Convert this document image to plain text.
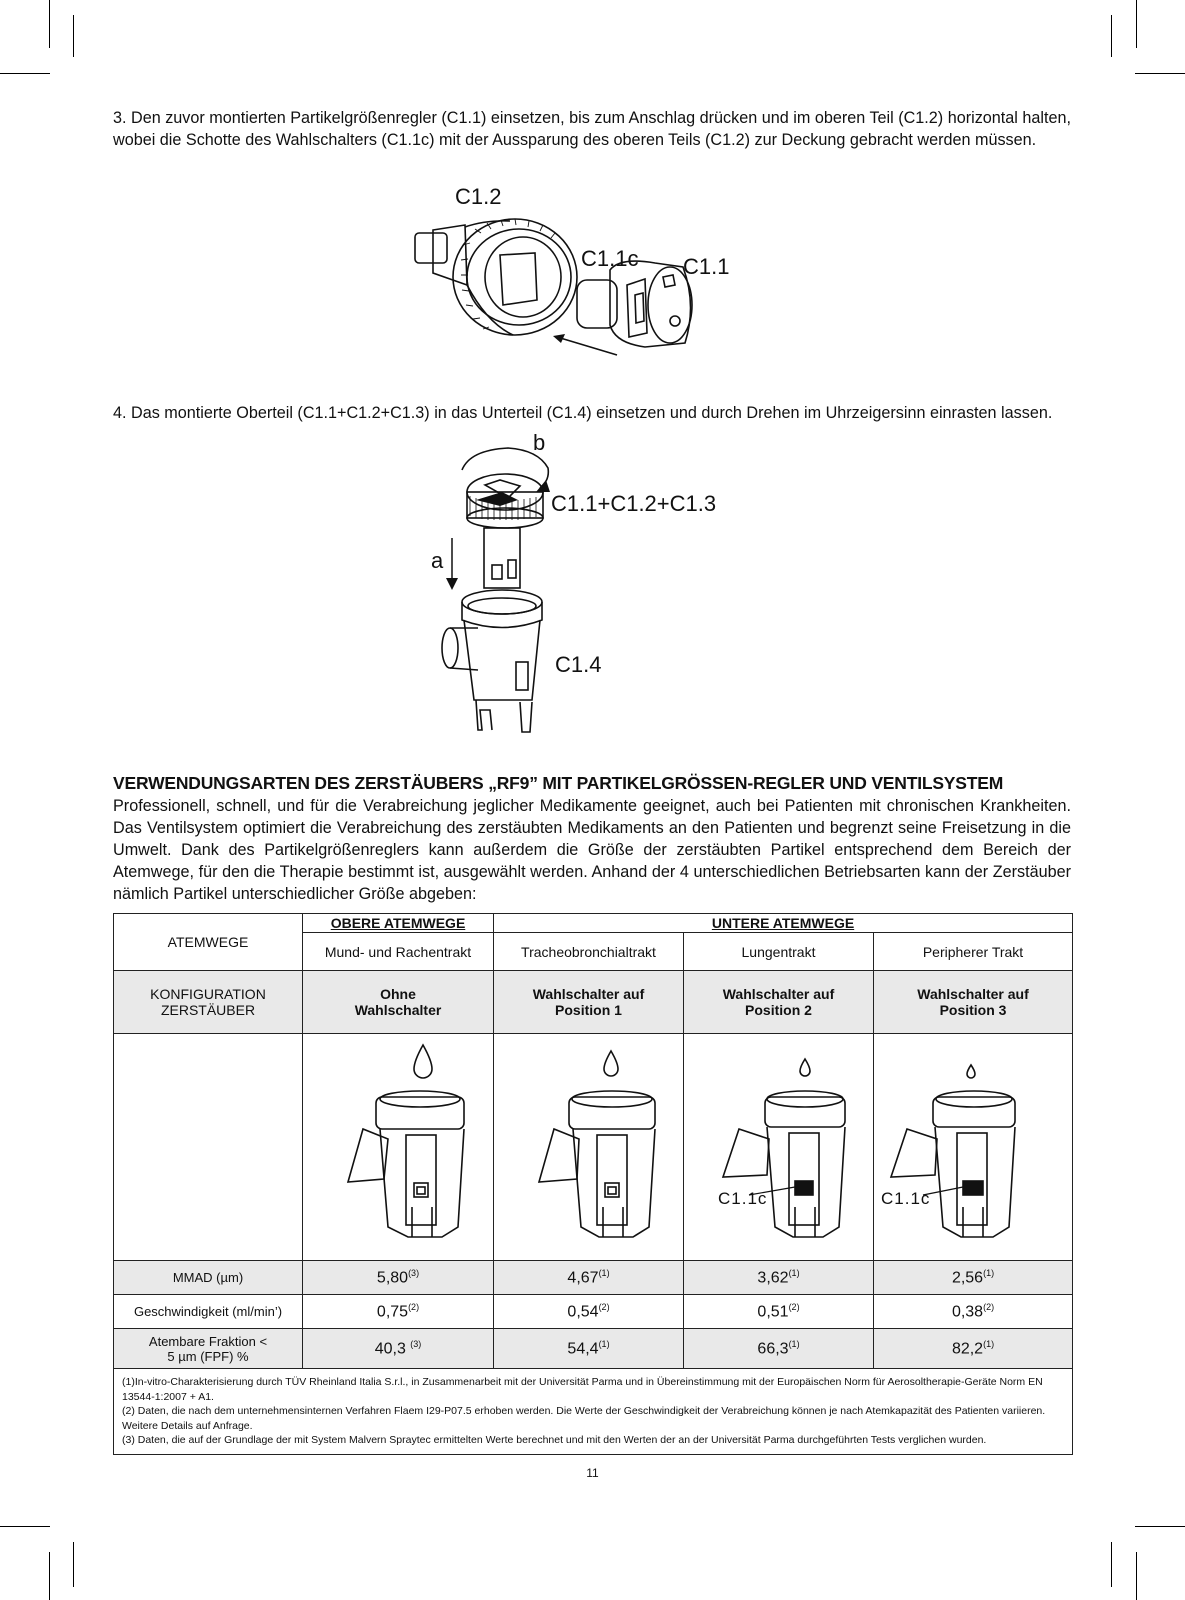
3. Den zuvor montierten Partikelgrößenregler (C1.1) einsetzen, bis zum Anschlag drücken und im oberen Teil (C1.2) horizontal halten, wobei die Schotte des Wahlschalters (C1.1c) mit der Aussparung des oberen Teils (C1.2) zur Deckung gebracht werden müssen.
C1.2
C1.1c C1.1
4. Das montierte Oberteil (C1.1+C1.2+C1.3) in das Unterteil (C1.4) einsetzen und durch Drehen im Uhrzeigersinn einrasten lassen.
b
C1.1+C1.2+C1.3
a
C1.4
VERWENDUNGSARTEN DES ZERSTÄUBERS „RF9” MIT PARTIKELGRÖSSEN-REGLER UND VENTILSYSTEM
Professionell, schnell, und für die Verabreichung jeglicher Medikamente geeignet, auch bei Patienten mit chronischen Krankheiten. Das Ventilsystem optimiert die Verabreichung des zerstäubten Medikaments an den Patienten und begrenzt seine Freisetzung in die Umwelt. Dank des Partikelgrößenreglers kann außerdem die Größe der zerstäubten Partikel entsprechend dem Bereich der Atemwege, für den die Therapie bestimmt ist, ausgewählt werden. Anhand der 4 unterschiedlichen Betriebsarten kann der Zerstäuber nämlich Partikel unterschiedlicher Größe abgeben:
ATEMWEGE	OBERE ATEMWEGE	UNTERE ATEMWEGE		
	Mund- und Rachentrakt	Tracheobronchialtrakt	Lungentrakt	Peripherer Trakt
KONFIGURATION ZERSTÄUBER	Ohne Wahlschalter	Wahlschalter auf Position 1	Wahlschalter auf Position 2	Wahlschalter auf Position 3

C1.1c	C1.1c

MMAD (µm)	5,80$^{(3)}$	4,67$^{(1)}$	3,62$^{(1)}$	2,56$^{(1)}$
Geschwindigkeit (ml/min’)	0,75$^{(2)}$	0,54$^{(2)}$	0,51$^{(2)}$	0,38$^{(2)}$
Atembare Fraktion < 5 µm (FPF) %	40,3 $^{(3)}$	54,4$^{(1)}$	66,3$^{(1)}$	82,2$^{(1)}$

(1)In-vitro-Charakterisierung durch TÜV Rheinland Italia S.r.l., in Zusammenarbeit mit der Universität Parma und in Übereinstimmung mit der Europäischen Norm für Aerosoltherapie-Geräte Norm EN 13544-1:2007 + A1.
(2) Daten, die nach dem unternehmensinternen Verfahren Flaem I29-P07.5 erhoben werden. Die Werte der Geschwindigkeit der Verabreichung können je nach Atemkapazität des Patienten variieren. Weitere Details auf Anfrage.
(3) Daten, die auf der Grundlage der mit System Malvern Spraytec ermittelten Werte berechnet und mit den Werten der an der Universität Parma durchgeführten Tests verglichen wurden.				
11
